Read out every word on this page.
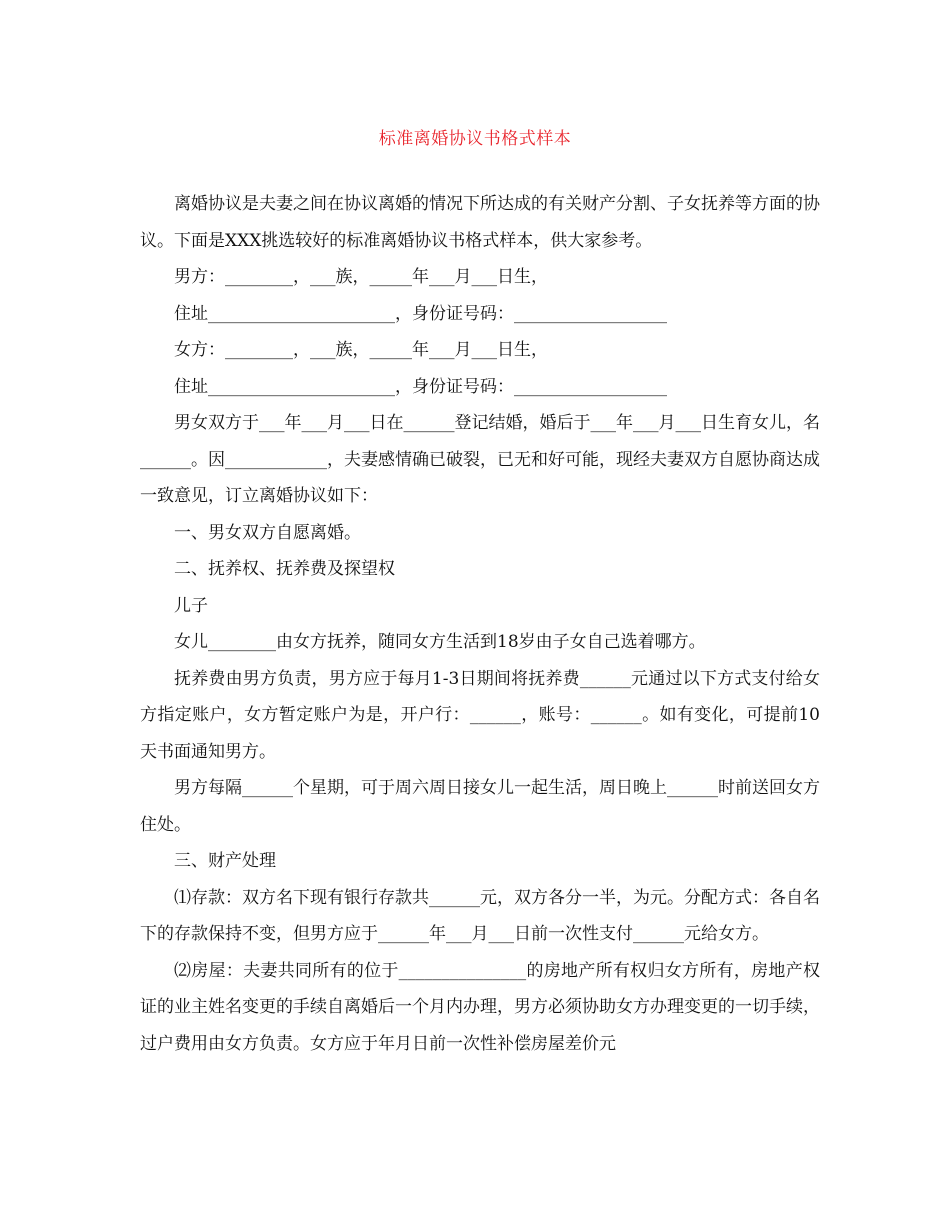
标准离婚协议书格式样本

离婚协议是夫妻之间在协议离婚的情况下所达成的有关财产分割、子女抚养等方面的协议。下面是XXX挑选较好的标准离婚协议书格式样本，供大家参考。

男方：________，___族，_____年___月___日生，

住址______________________，身份证号码：__________________

女方：________，___族，_____年___月___日生，

住址______________________，身份证号码：__________________

男女双方于___年___月___日在______登记结婚，婚后于___年___月___日生育女儿，名______。因____________，夫妻感情确已破裂，已无和好可能，现经夫妻双方自愿协商达成一致意见，订立离婚协议如下：

一、男女双方自愿离婚。

二、抚养权、抚养费及探望权

儿子

女儿________由女方抚养，随同女方生活到18岁由子女自己选着哪方。

抚养费由男方负责，男方应于每月1-3日期间将抚养费______元通过以下方式支付给女方指定账户，女方暂定账户为是，开户行：______，账号：______。如有变化，可提前10天书面通知男方。

男方每隔______个星期，可于周六周日接女儿一起生活，周日晚上______时前送回女方住处。

三、财产处理

⑴存款：双方名下现有银行存款共______元，双方各分一半，为元。分配方式：各自名下的存款保持不变，但男方应于______年___月___日前一次性支付______元给女方。

⑵房屋：夫妻共同所有的位于_______________的房地产所有权归女方所有，房地产权证的业主姓名变更的手续自离婚后一个月内办理，男方必须协助女方办理变更的一切手续，过户费用由女方负责。女方应于年月日前一次性补偿房屋差价元
